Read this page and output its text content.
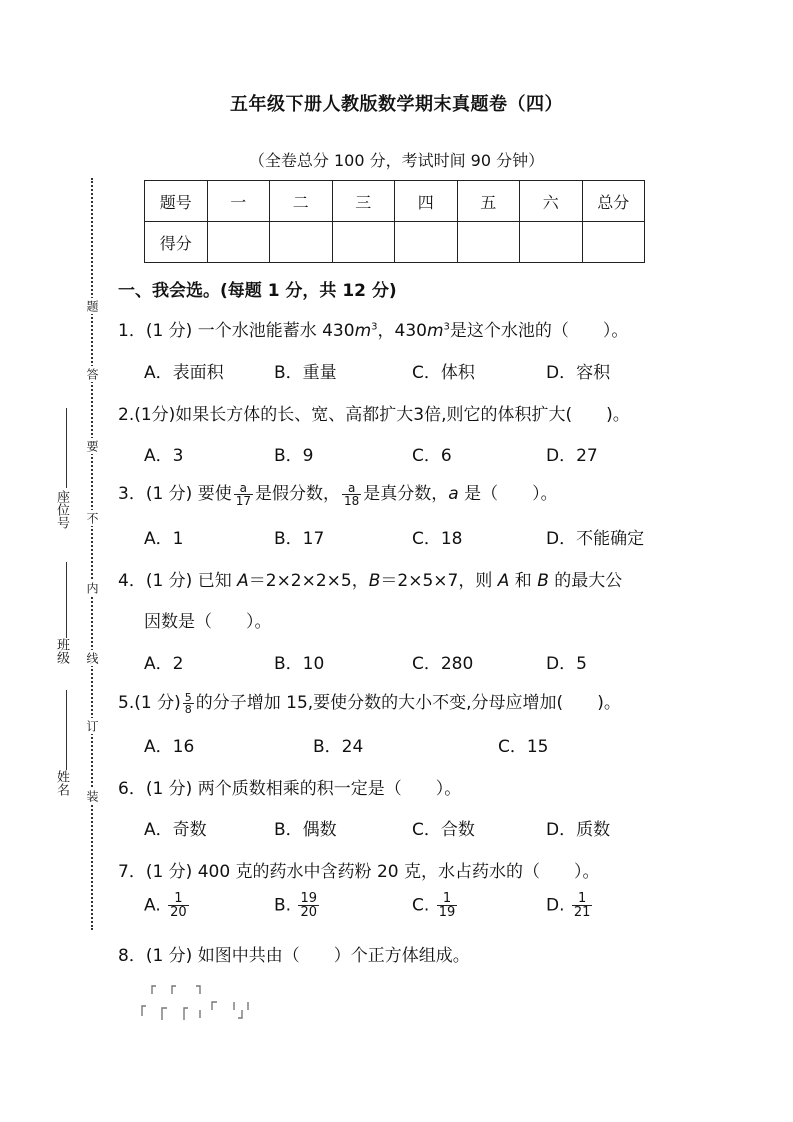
五年级下册人教版数学期末真题卷（四）
（全卷总分 100 分，考试时间 90 分钟）
题号	一	二	三	四	五	六	总分
得分							
题
答
要
不
内
线
订
装
座位号
班级
姓名
一、我会选。(每题 1 分，共 12 分)
1．(1 分) 一个水池能蓄水 $430m^3$，$430m^3$是这个水池的（　　）。
A．表面积	B．重量	C．体积	D．容积
2.(1分)如果长方体的长、宽、高都扩大3倍,则它的体积扩大(　　)。
A．3	B．9	C．6	D．27
3．(1 分) 要使 $\frac{a}{17}$ 是假分数， $\frac{a}{18}$ 是真分数，a 是（　　）。
A．1	B．17	C．18	D．不能确定
4．(1 分) 已知 A＝2×2×2×5，B＝2×5×7，则 A 和 B 的最大公
因数是（　　）。
A．2	B．10	C．280	D．5
5.(1 分) $\frac{5}{8}$ 的分子增加 15,要使分数的大小不变,分母应增加(　　)。
A．16	B．24	C．15
6．(1 分) 两个质数相乘的积一定是（　　）。
A．奇数	B．偶数	C．合数	D．质数
7．(1 分) 400 克的药水中含药粉 20 克，水占药水的（　　）。
A. $\frac{1}{20}$	B. $\frac{19}{20}$	C. $\frac{1}{19}$	D. $\frac{1}{21}$
8．(1 分) 如图中共由（　　）个正方体组成。
